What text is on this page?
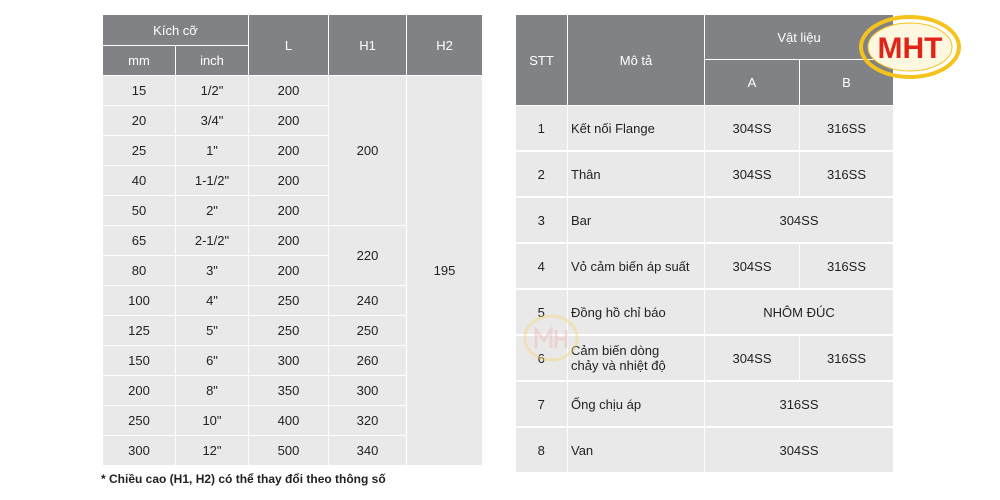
Kích cỡ		L	H1	H2
mm	inch			
15	1/2"	200	200	195
20	3/4"	200		
25	1"	200		
40	1-1/2"	200		
50	2"	200		
65	2-1/2"	200	220	
80	3"	200		
100	4"	250	240	
125	5"	250	250	
150	6"	300	260	
200	8"	350	300	
250	10"	400	320	
300	12"	500	340	
STT	Mô tả	Vật liệu	
		A	B
1	Kết nối Flange	304SS	316SS
2	Thân	304SS	316SS
3	Bar	304SS	
4	Vỏ cảm biến áp suất	304SS	316SS
5	Đồng hồ chỉ báo	NHÔM ĐÚC	
6	Cảm biến dòng
chảy và nhiệt độ	304SS	316SS
7	Ống chịu áp	316SS	
8	Van	304SS	
* Chiều cao (H1, H2) có thể thay đổi theo thông số
MHT
